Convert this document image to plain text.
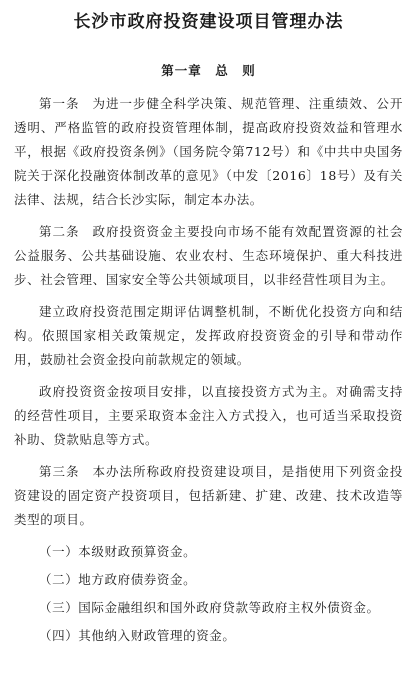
长沙市政府投资建设项目管理办法
第一章　总　则

第一条 为进一步健全科学决策、规范管理、注重绩效、公开透明、严格监管的政府投资管理体制，提高政府投资效益和管理水平，根据《政府投资条例》（国务院令第712号）和《中共中央国务院关于深化投融资体制改革的意见》（中发〔2016〕18号）及有关法律、法规，结合长沙实际，制定本办法。

第二条 政府投资资金主要投向市场不能有效配置资源的社会公益服务、公共基础设施、农业农村、生态环境保护、重大科技进步、社会管理、国家安全等公共领域项目，以非经营性项目为主。

建立政府投资范围定期评估调整机制，不断优化投资方向和结构。依照国家相关政策规定，发挥政府投资资金的引导和带动作用，鼓励社会资金投向前款规定的领域。

政府投资资金按项目安排，以直接投资方式为主。对确需支持的经营性项目，主要采取资本金注入方式投入，也可适当采取投资补助、贷款贴息等方式。

第三条 本办法所称政府投资建设项目，是指使用下列资金投资建设的固定资产投资项目，包括新建、扩建、改建、技术改造等类型的项目。

（一）本级财政预算资金。

（二）地方政府债券资金。

（三）国际金融组织和国外政府贷款等政府主权外债资金。

（四）其他纳入财政管理的资金。
